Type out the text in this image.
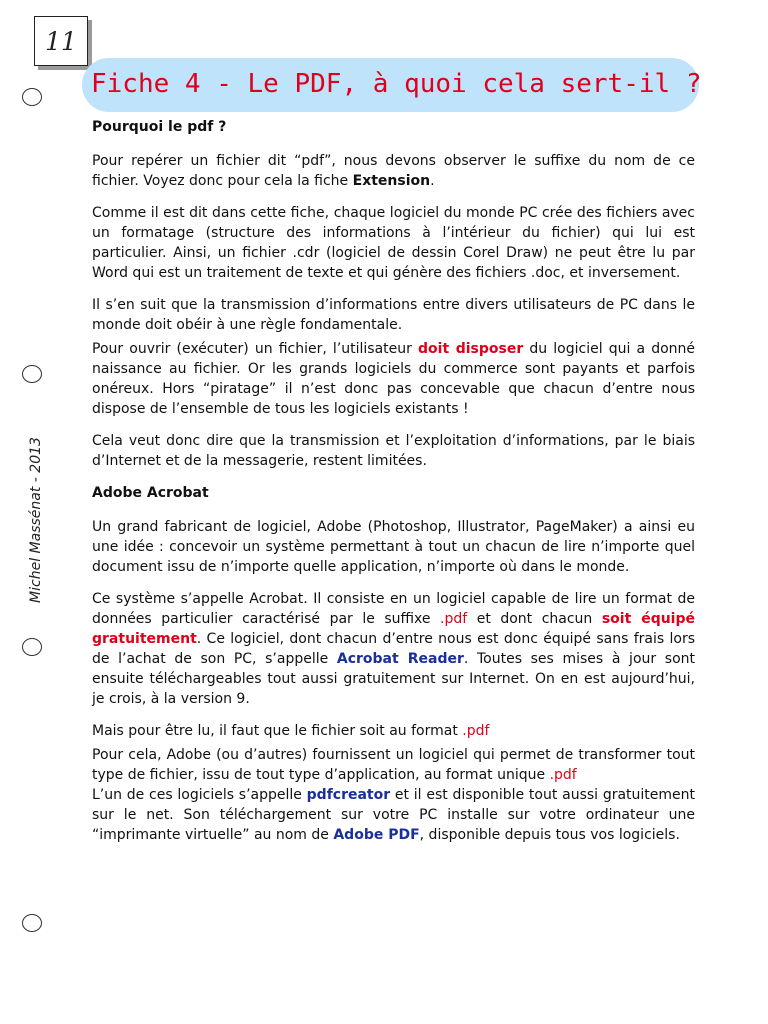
11
Fiche 4 - Le PDF, à quoi cela sert-il ?
Michel Massénat - 2013
Pourquoi le pdf ?

Pour repérer un fichier dit “pdf”, nous devons observer le suffixe du nom de ce fichier. Voyez donc pour cela la fiche Extension.

Comme il est dit dans cette fiche, chaque logiciel du monde PC crée des fichiers avec un formatage (structure des informations à l’intérieur du fichier) qui lui est particulier. Ainsi, un fichier .cdr (logiciel de dessin Corel Draw) ne peut être lu par Word qui est un traitement de texte et qui génère des fichiers .doc, et inversement.

Il s’en suit que la transmission d’informations entre divers utilisateurs de PC dans le monde doit obéir à une règle fondamentale.

Pour ouvrir (exécuter) un fichier, l’utilisateur doit disposer du logiciel qui a donné naissance au fichier. Or les grands logiciels du commerce sont payants et parfois onéreux. Hors “piratage” il n’est donc pas concevable que chacun d’entre nous dispose de l’ensemble de tous les logiciels existants !

Cela veut donc dire que la transmission et l’exploitation d’informations, par le biais d’Internet et de la messagerie, restent limitées.

Adobe Acrobat

Un grand fabricant de logiciel, Adobe (Photoshop, Illustrator, PageMaker) a ainsi eu une idée : concevoir un système permettant à tout un chacun de lire n’importe quel document issu de n’importe quelle application, n’importe où dans le monde.

Ce système s’appelle Acrobat. Il consiste en un logiciel capable de lire un format de données particulier caractérisé par le suffixe .pdf et dont chacun soit équipé gratuitement. Ce logiciel, dont chacun d’entre nous est donc équipé sans frais lors de l’achat de son PC, s’appelle Acrobat Reader. Toutes ses mises à jour sont ensuite téléchargeables tout aussi gratuitement sur Internet. On en est aujourd’hui, je crois, à la version 9.

Mais pour être lu, il faut que le fichier soit au format .pdf

Pour cela, Adobe (ou d’autres) fournissent un logiciel qui permet de transformer tout type de fichier, issu de tout type d’application, au format unique .pdf

L’un de ces logiciels s’appelle pdfcreator et il est disponible tout aussi gratuitement sur le net. Son téléchargement sur votre PC installe sur votre ordinateur une “imprimante virtuelle” au nom de Adobe PDF, disponible depuis tous vos logiciels.
